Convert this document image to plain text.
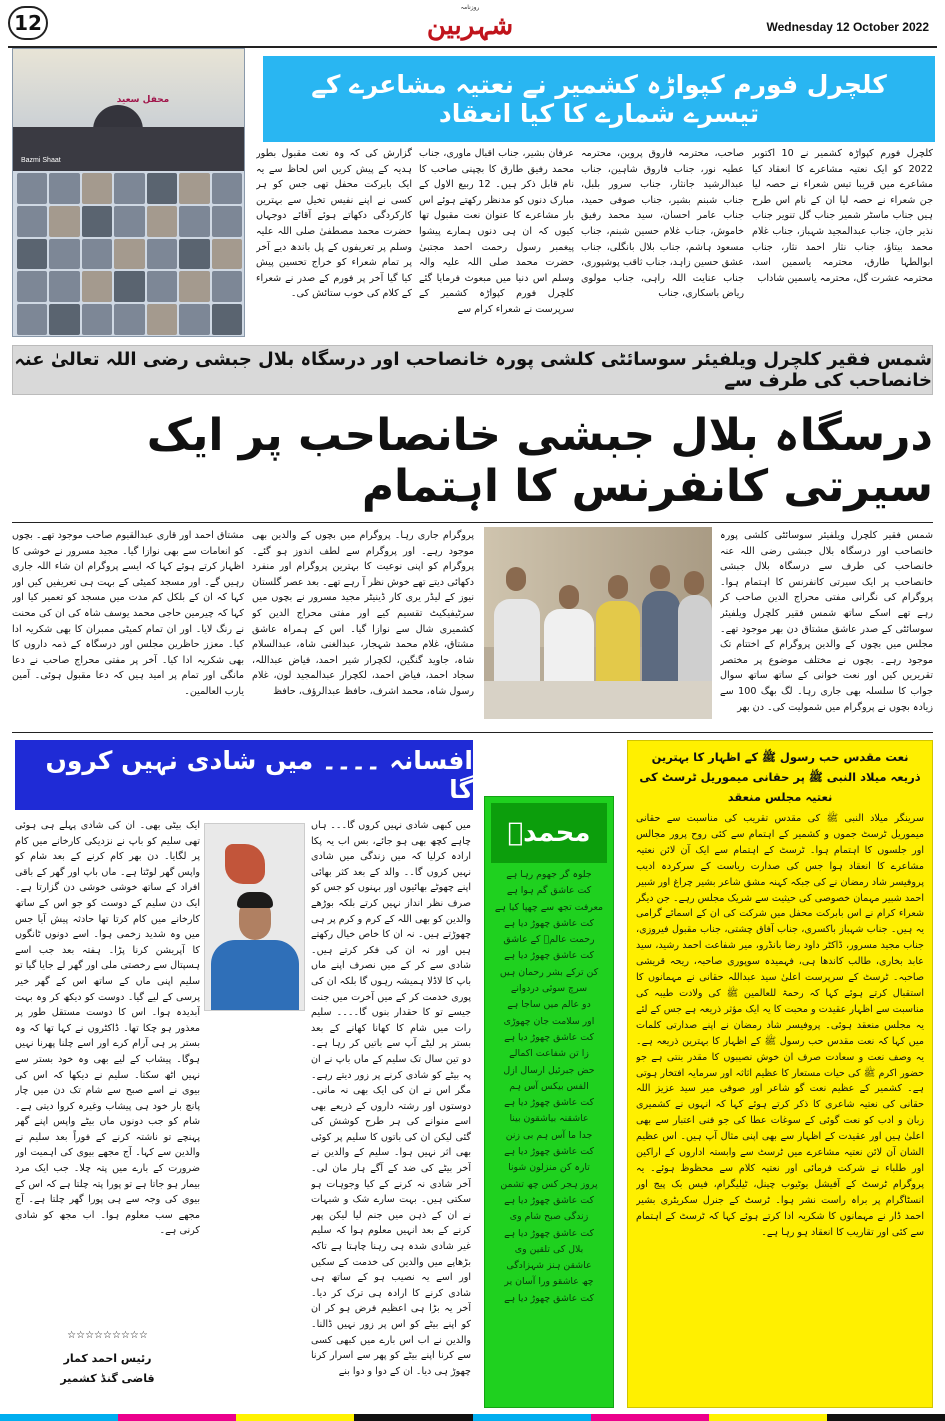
12
روزنامہ
شہربین	Wednesday 12 October 2022
کلچرل فورم کپواڑہ کشمیر نے نعتیہ مشاعرے کے تیسرے شمارے کا کیا انعقاد
محفل سعید
Bazmi Shaat
کلچرل فورم کپواڑہ کشمیر نے 10 اکتوبر 2022 کو ایک نعتیہ مشاعرے کا انعقاد کیا مشاعرے میں قریبا تیس شعراء نے حصہ لیا جن شعراء نے حصہ لیا ان کے نام اس طرح ہیں جناب ماسٹر شمیر جناب گل تنویر جناب نذیر جان، جناب عبدالمجید شہباز، جناب غلام محمد بیتاؤ، جناب نثار احمد نثار، جناب ابوالطہا طارق، محترمہ یاسمین اسد، محترمہ عشرت گل، محترمہ یاسمین شاداب
صاحب، محترمہ فاروق پروین، محترمہ عطیہ نور، جناب فاروق شاہین، جناب عبدالرشید جانثار، جناب سرور بلبل، جناب شبنم بشیر، جناب صوفی حمید، جناب عامر احسان، سید محمد رفیق خاموش، جناب غلام حسین شبنم، جناب مسعود ہاشم، جناب بلال بانگلی، جناب عشق حسین زاہد، جناب ثاقب پوشپوری، جناب عنایت اللہ راہی، جناب مولوی ریاض باسکاری، جناب
عرفان بشیر، جناب اقبال ماوری، جناب محمد رفیق طارق کا بچپنی صاحب کا نام قابل ذکر ہیں۔ 12 ربیع الاول کے مبارک دنوں کو مدنظر رکھتے ہوئے اس بار مشاعرے کا عنوان نعت مقبول تھا کیوں کہ ان ہی دنوں ہمارے پیشوا پیغمبر رسول رحمت احمد مجتبیٰ حضرت محمد صلی اللہ علیہ والہ وسلم اس دنیا میں مبعوث فرمایا گئے کلچرل فورم کپواڑہ کشمیر کے سرپرست نے شعراء کرام سے
گزارش کی کہ وہ نعت مقبول بطور ہدیہ کے پیش کریں اس لحاظ سے یہ ایک بابرکت محفل تھی جس کو ہر کسی نے اپنے نفیس تخیل سے بہترین کارکردگی دکھاتے ہوئے آقائے دوجہاں حضرت محمد مصطفیٰ صلی اللہ علیہ وسلم پر تعریفوں کے پل باندھ دیے آخر پر تمام شعراء کو خراج تحسین پیش کیا گیا آخر پر فورم کے صدر نے شعراء کے کلام کی خوب ستائش کی۔
شمس فقیر کلچرل ویلفیئر سوسائٹی کلشی پورہ خانصاحب اور درسگاہ بلال جبشی رضی اللہ تعالیٰ عنہ خانصاحب کی طرف سے
درسگاہ بلال جبشی خانصاحب پر ایک سیرتی کانفرنس کا اہتمام
شمس فقیر کلچرل ویلفیئر سوسائٹی کلشی پورہ خانصاحب اور درسگاہ بلال جبشی رضی اللہ عنہ خانصاحب کی طرف سے درسگاہ بلال جبشی خانصاحب پر ایک سیرتی کانفرنس کا اہتمام ہوا۔ پروگرام کی نگرانی مفتی محراج الدین صاحب کر رہے تھے اسکے ساتھ شمس فقیر کلچرل ویلفیئر سوسائٹی کے صدر عاشق مشتاق دن بھر موجود تھے۔ مجلس میں بچوں کے والدین پروگرام کے اختتام تک موجود رہے۔ بچوں نے مختلف موضوع پر مختصر تقریریں کیں اور نعت خوانی کے ساتھ ساتھ سوال جواب کا سلسلہ بھی جاری رہا۔ لگ بھگ 100 سے زیادہ بچوں نے پروگرام میں شمولیت کی۔ دن بھر
پروگرام جاری رہا۔ پروگرام میں بچوں کے والدین بھی موجود رہے۔ اور پروگرام سے لطف اندوز ہو گئے۔ پروگرام کو اپنی نوعیت کا بہترین پروگرام اور منفرد دکھائی دیتے تھے خوش نظر آ رہے تھے۔ بعد عصر گلستان نیوز کے لیڈر یری کار ڈینیٹر مجید مسرور نے بچوں میں سرٹیفیکیٹ تقسیم کیے اور مفتی محراج الدین کو کشمیری شال سے نوازا گیا۔ اس کے ہمراہ عاشق مشتاق، غلام محمد شہجار، عبدالغنی شاہ، عبدالسلام شاہ، جاوید گنگین، لکچرار شیر احمد، فیاض عبداللہ، سجاد احمد، فیاض احمد، لکچرار عبدالمجید لون، غلام رسول شاہ، محمد اشرف، حافظ عبدالرؤف، حافظ
مشتاق احمد اور قاری عبدالقیوم صاحب موجود تھے۔ بچوں کو انعامات سے بھی نوازا گیا۔ مجید مسرور نے خوشی کا اظہار کرتے ہوئے کہا کہ ایسے پروگرام ان شاء اللہ جاری رہیں گے۔ اور مسجد کمیٹی کے بہت ہی تعریفیں کیں اور کہا کہ ان کے بلکل کم مدت میں مسجد کو تعمیر کیا اور کہا کہ چیرمین حاجی محمد یوسف شاہ کی ان کی محنت نے رنگ لایا۔ اور ان تمام کمیٹی ممبران کا بھی شکریہ ادا کیا۔ معزز حاظرین مجلس اور درسگاہ کے ذمہ داروں کا بھی شکریہ ادا کیا۔ آخر پر مفتی محراج صاحب نے دعا مانگی اور تمام پر امید ہیں کہ دعا مقبول ہوئی۔ آمین یارب العالمین۔
افسانہ ۔۔۔۔ میں شادی نہیں کروں گا
میں کبھی شادی نہیں کروں گا۔۔۔ ہاں چاہے کچھ بھی ہو جائے، بس اب یہ پکا ارادہ کرلیا کہ میں زندگی میں شادی نہیں کروں گا۔۔ والد کے بعد کثر بھائی اپنے چھوٹے بھائیوں اور بہنوں کو جس کو صرف نظر انداز نہیں کرتے بلکہ بوڑھے والدین کو بھی اللہ کے کرم و کرم پر ہی چھوڑتے ہیں۔ نہ ان کا خاص خیال رکھتے ہیں اور نہ ان کی فکر کرتے ہیں۔ شادی سے کر کے میں نصرف اپنے ماں باپ کا لاڈلا ہمیشہ رہوں گا بلکہ ان کی پوری خدمت کر کے میں آخرت میں جنت جیسے تو کا حقدار بنوں گا۔۔۔۔ سلیم رات میں شام کا کھانا کھانے کے بعد بستر پر لیٹے آپ سے باتیں کر رہا ہے۔ دو تین سال تک سلیم کے ماں باپ نے ان پہ بیٹے کو شادی کرنے پر زور دیتے رہے۔ مگر اس نے ان کی ایک بھی نہ مانی۔ دوستوں اور رشتہ داروں کے ذریعے بھی اسے منوانے کی ہر طرح کوشش کی گئی لیکن ان کی باتوں کا سلیم پر کوئی بھی اثر نہیں ہوا۔ سلیم کے والدین نے آخر بیٹے کی ضد کے آگے ہار مان لی۔ آخر شادی نہ کرنے کے کیا وجوہات ہو سکتی ہیں۔ بہت سارے شک و شبہات نے ان کے ذہن میں جنم لیا لیکن پھر کرنے کے بعد انہیں معلوم ہوا کہ سلیم غیر شادی شدہ ہی رہنا چاہتا ہے تاکہ بڑھاپے میں والدین کی خدمت کے سکیں اور اسے یہ نصیب ہو کے ساتھ ہی شادی کرنے کا ارادہ ہی ترک کر دیا۔ آخر یہ بڑا ہی اعظیم فرض ہو کر ان کو اپنے بیٹے کو اس پر زور نہیں ڈالنا۔ والدین نے اب اس بارے میں کبھی کسی سے کرنا اپنے بیٹے کو پھر سے اسرار کرنا چھوڑ ہی دیا۔ ان کے دوا و دوا بنے
ایک بیٹی بھی۔ ان کی شادی پہلے ہی ہوئی تھی سلیم کو باپ نے نزدیکی کارخانے میں کام پر لگایا۔ دن بھر کام کرنے کے بعد شام کو واپس گھر لوٹتا ہے۔ ماں باپ اور گھر کے باقی افراد کے ساتھ خوشی خوشی دن گزارتا ہے۔ ایک دن سلیم کے دوست کو جو اس کے ساتھ کارخانے میں کام کرتا تھا حادثہ پیش آیا جس میں وہ شدید زخمی ہوا۔ اسے دونوں ٹانگوں کا آپریشن کرنا پڑا۔ ہفتہ بعد جب اسے ہسپتال سے رخصتی ملی اور گھر لے جایا گیا تو سلیم اپنی ماں کے ساتھ اس کے گھر خیر پرسی کے لیے گیا۔ دوست کو دیکھ کر وہ بہت آبدیدہ ہوا۔ اس کا دوست مستقل طور پر معذور ہو چکا تھا۔ ڈاکٹروں نے کہا تھا کہ وہ بستر پر ہی آرام کرے اور اسے چلنا پھرنا نہیں ہوگا۔ پیشاب کے لیے بھی وہ خود بستر سے نہیں اٹھ سکتا۔ سلیم نے دیکھا کہ اس کی بیوی نے اسے صبح سے شام تک دن میں چار پانچ بار خود ہی پیشاب وغیرہ کروا دیتی ہے۔ شام کو جب دونوں ماں بیٹے واپس اپنے گھر پہنچے تو ناشتہ کرنے کے فوراً بعد سلیم نے والدین سے کہا۔ آج مجھے بیوی کی اہمیت اور ضرورت کے بارے میں پتہ چلا۔ جب ایک مرد بیمار ہو جاتا ہے تو پورا پتہ چلتا ہے کہ اس کے بیوی کی وجہ سے ہی پورا گھر چلتا ہے۔ آج مجھے سب معلوم ہوا۔ اب مجھ کو شادی کرنی ہے۔
☆☆☆☆☆☆☆☆☆
رئیس احمد کمار
قاضی گنڈ کشمیر
محمدؐ
جلوہ گر جھوم رہا ہے
کت عاشق گم ہوا ہے
معرفت تجھ سے چھپا کیا ہے
کت عاشق چھوڑ دیا ہے
رحمت عالمؐ کے عاشق
کت عاشق چھوڑ دیا ہے
کن ترکے بشر رحمان ہیں
سرچ سوئی دردوانے
دو عالم میں ساجا ہے
اور سلامت جان چھوڑی
کت عاشق چھوڑ دیا ہے
زا تن شفاعت اکمالے
حض جبرئیل ارسال ازل
الفس بیکس آس ہم
کت عاشق چھوڑ دیا ہے
عاشقنہ بیاشقون بینا
جدا ما آس ہم بی زنن
کت عاشق چھوڑ دیا ہے
تارہ کن منزلون شونا
پروز ہجر کس چھ تشمن
کت عاشق چھوڑ دیا ہے
زندگی صبح شام وی
کت عاشق چھوڑ دیا ہے
بلال کی تلقین وی
عاشقن ہنز شہزادگی
چھ عاشقو ورا آسان یر
کت عاشق چھوڑ دیا ہے
نعت مقدس حب رسول ﷺ کے اظہار کا بہترین ذریعہ میلاد النبی ﷺ پر حقانی میموریل ٹرسٹ کی نعتیہ مجلس منعقد
سرینگر میلاد النبی ﷺ کی مقدس تقریب کی مناسبت سے حقانی میموریل ٹرسٹ جموں و کشمیر کے اہتمام سے کئی روح پرور مجالس اور جلسوں کا اہتمام ہوا۔ ٹرسٹ کے اہتمام سے ایک آن لائن نعتیہ مشاعرے کا انعقاد ہوا جس کی صدارت ریاست کے سرکردہ ادیب پروفیسر شاد رمضان نے کی جبکہ کہنہ مشق شاعر بشیر چراغ اور شبیر احمد شبیر مہمان خصوصی کی حیثیت سے شریک مجلس رہے۔ جن دیگر شعراء کرام نے اس بابرکت محفل میں شرکت کی ان کے اسمائے گرامی یہ ہیں۔ جناب شہباز باکسری، جناب آفاق چشتی، جناب مقبول فیروزی، جناب مجید مسرور، ڈاکٹر داود رضا بانڈرو، میر شفاعت احمد رشید، سید عابد بخاری، طالب کاندھا ہی، فہمیدہ سوپوری صاحبہ، ریحہ قریشی صاحبہ۔ ٹرسٹ کے سرپرست اعلیٰ سید عبداللہ حقانی نے مہمانوں کا استقبال کرتے ہوئے کہا کہ رحمۃ للعالمین ﷺ کی ولادت طیبہ کی مناسبت سے اظہار عقیدت و محبت کا یہ ایک مؤثر ذریعہ ہے جس کے لئے یہ مجلس منعقد ہوئی۔ پروفیسر شاد رمضان نے اپنے صدارتی کلمات میں کہا کہ نعت مقدس حب رسول ﷺ کے اظہار کا بہترین ذریعہ ہے۔ یہ وصف نعت و سعادت صرف ان خوش نصیبوں کا مقدر بنتی ہے جو حضور اکرم ﷺ کی حیات مستعار کا عظیم اثاثہ اور سرمایہ افتخار ہوتی ہے۔ کشمیر کے عظیم نعت گو شاعر اور صوفی میر سید عزیز اللہ حقانی کی نعتیہ شاعری کا ذکر کرتے ہوئے کہا کہ انہوں نے کشمیری زبان و ادب کو نعت گوئی کے سوغات عطا کی جو فنی اعتبار سے بھی اعلیٰ ہیں اور عقیدت کے اظہار سے بھی اپنی مثال آپ ہیں۔ اس عظیم الشان آن لائن نعتیہ مشاعرے میں ٹرسٹ سے وابستہ اداروں کے اراکین اور طلباء نے شرکت فرمائی اور نعتیہ کلام سے محظوظ ہوئے۔ یہ پروگرام ٹرسٹ کے آفیشل یوٹیوب چینل، ٹیلیگرام، فیس بک پیج اور انسٹاگرام پر براہ راست نشر ہوا۔ ٹرسٹ کے جنرل سکریٹری بشیر احمد ڈار نے مہمانوں کا شکریہ ادا کرتے ہوئے کہا کہ ٹرسٹ کے اہتمام سے کئی اور تقاریب کا انعقاد ہو رہا ہے۔
